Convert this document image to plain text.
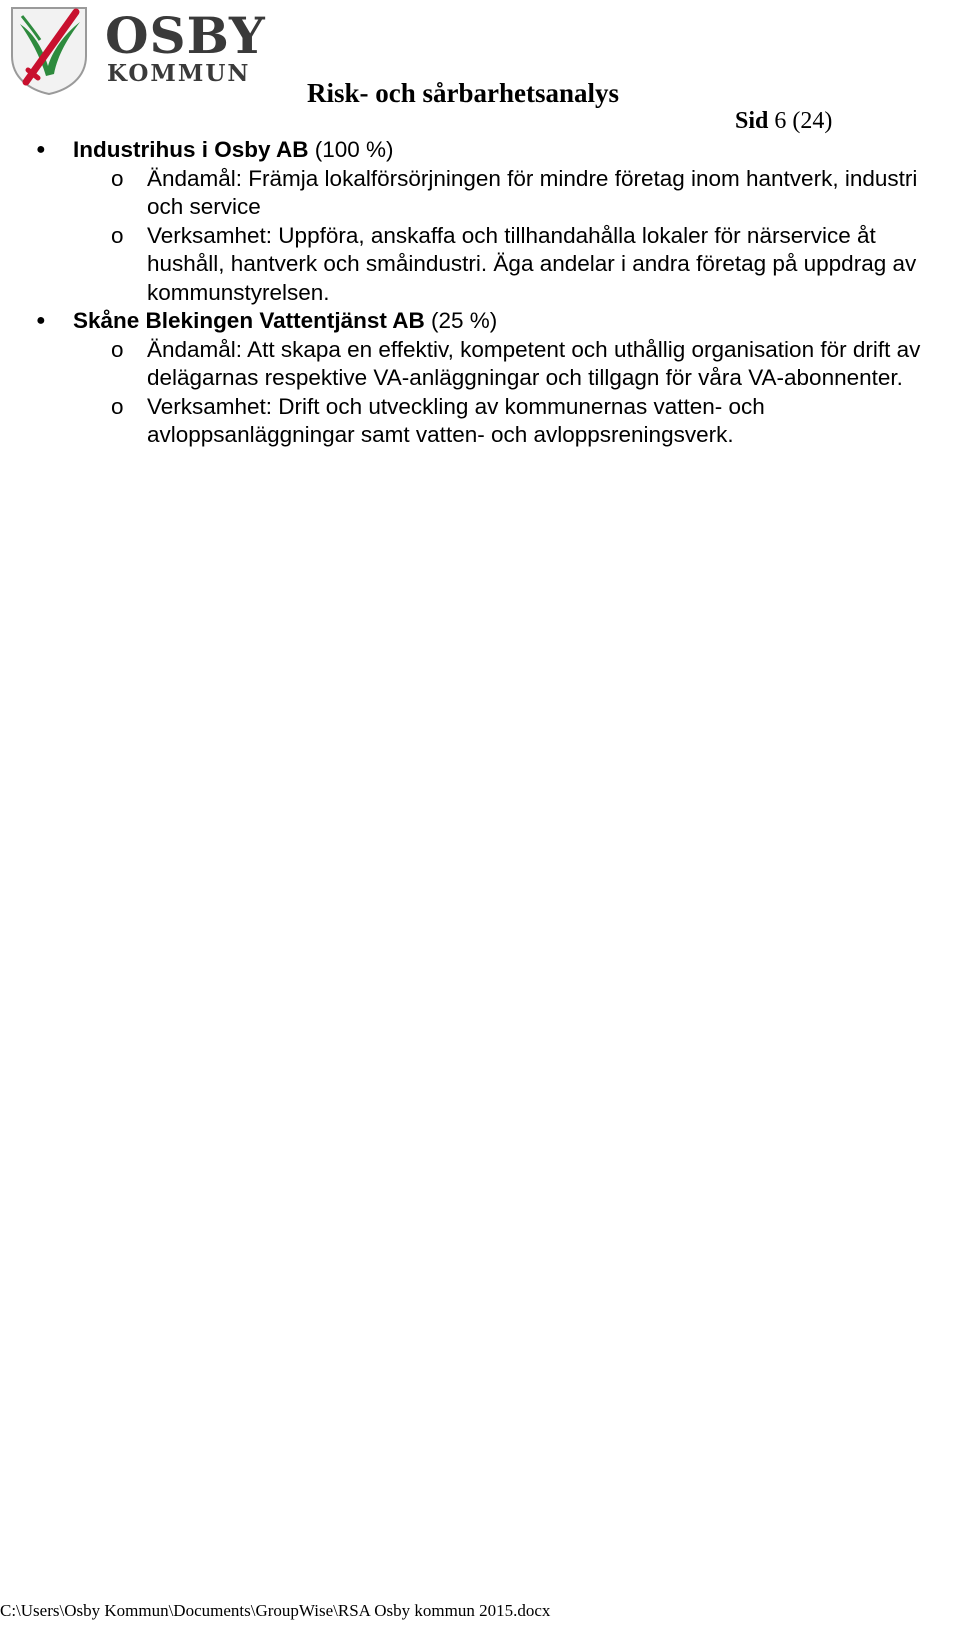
OSBY
KOMMUN
Risk- och sårbarhetsanalys
Sid 6 (24)
● Industrihus i Osby AB (100 %)
o Ändamål: Främja lokalförsörjningen för mindre företag inom hantverk, industri och service
o Verksamhet: Uppföra, anskaffa och tillhandahålla lokaler för närservice åt hushåll, hantverk och småindustri. Äga andelar i andra företag på uppdrag av kommunstyrelsen.
● Skåne Blekingen Vattentjänst AB (25 %)
o Ändamål: Att skapa en effektiv, kompetent och uthållig organisation för drift av delägarnas respektive VA-anläggningar och tillgagn för våra VA-abonnenter.
o Verksamhet: Drift och utveckling av kommunernas vatten- och avloppsanläggningar samt vatten- och avloppsreningsverk.
C:\Users\Osby Kommun\Documents\GroupWise\RSA Osby kommun 2015.docx
